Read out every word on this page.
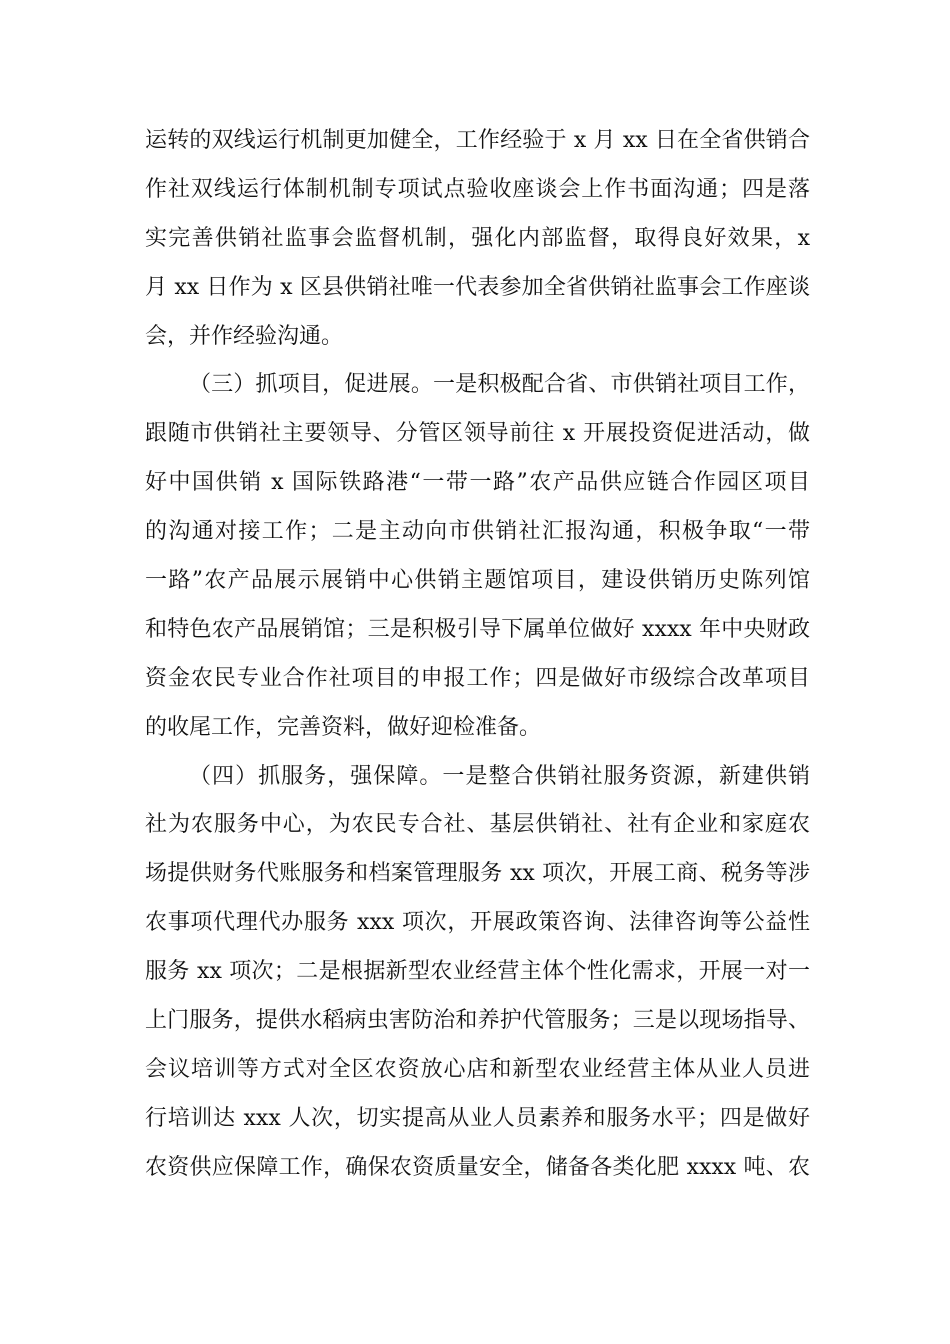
运转的双线运行机制更加健全，工作经验于 x 月 xx 日在全省供销合
作社双线运行体制机制专项试点验收座谈会上作书面沟通；四是落
实完善供销社监事会监督机制，强化内部监督，取得良好效果，x
月 xx 日作为 x 区县供销社唯一代表参加全省供销社监事会工作座谈
会，并作经验沟通。
（三）抓项目，促进展。一是积极配合省、市供销社项目工作，
跟随市供销社主要领导、分管区领导前往 x 开展投资促进活动，做
好中国供销 x 国际铁路港“一带一路”农产品供应链合作园区项目
的沟通对接工作；二是主动向市供销社汇报沟通，积极争取“一带
一路”农产品展示展销中心供销主题馆项目，建设供销历史陈列馆
和特色农产品展销馆；三是积极引导下属单位做好 xxxx 年中央财政
资金农民专业合作社项目的申报工作；四是做好市级综合改革项目
的收尾工作，完善资料，做好迎检准备。
（四）抓服务，强保障。一是整合供销社服务资源，新建供销
社为农服务中心，为农民专合社、基层供销社、社有企业和家庭农
场提供财务代账服务和档案管理服务 xx 项次，开展工商、税务等涉
农事项代理代办服务 xxx 项次，开展政策咨询、法律咨询等公益性
服务 xx 项次；二是根据新型农业经营主体个性化需求，开展一对一
上门服务，提供水稻病虫害防治和养护代管服务；三是以现场指导、
会议培训等方式对全区农资放心店和新型农业经营主体从业人员进
行培训达 xxx 人次，切实提高从业人员素养和服务水平；四是做好
农资供应保障工作，确保农资质量安全，储备各类化肥 xxxx 吨、农
